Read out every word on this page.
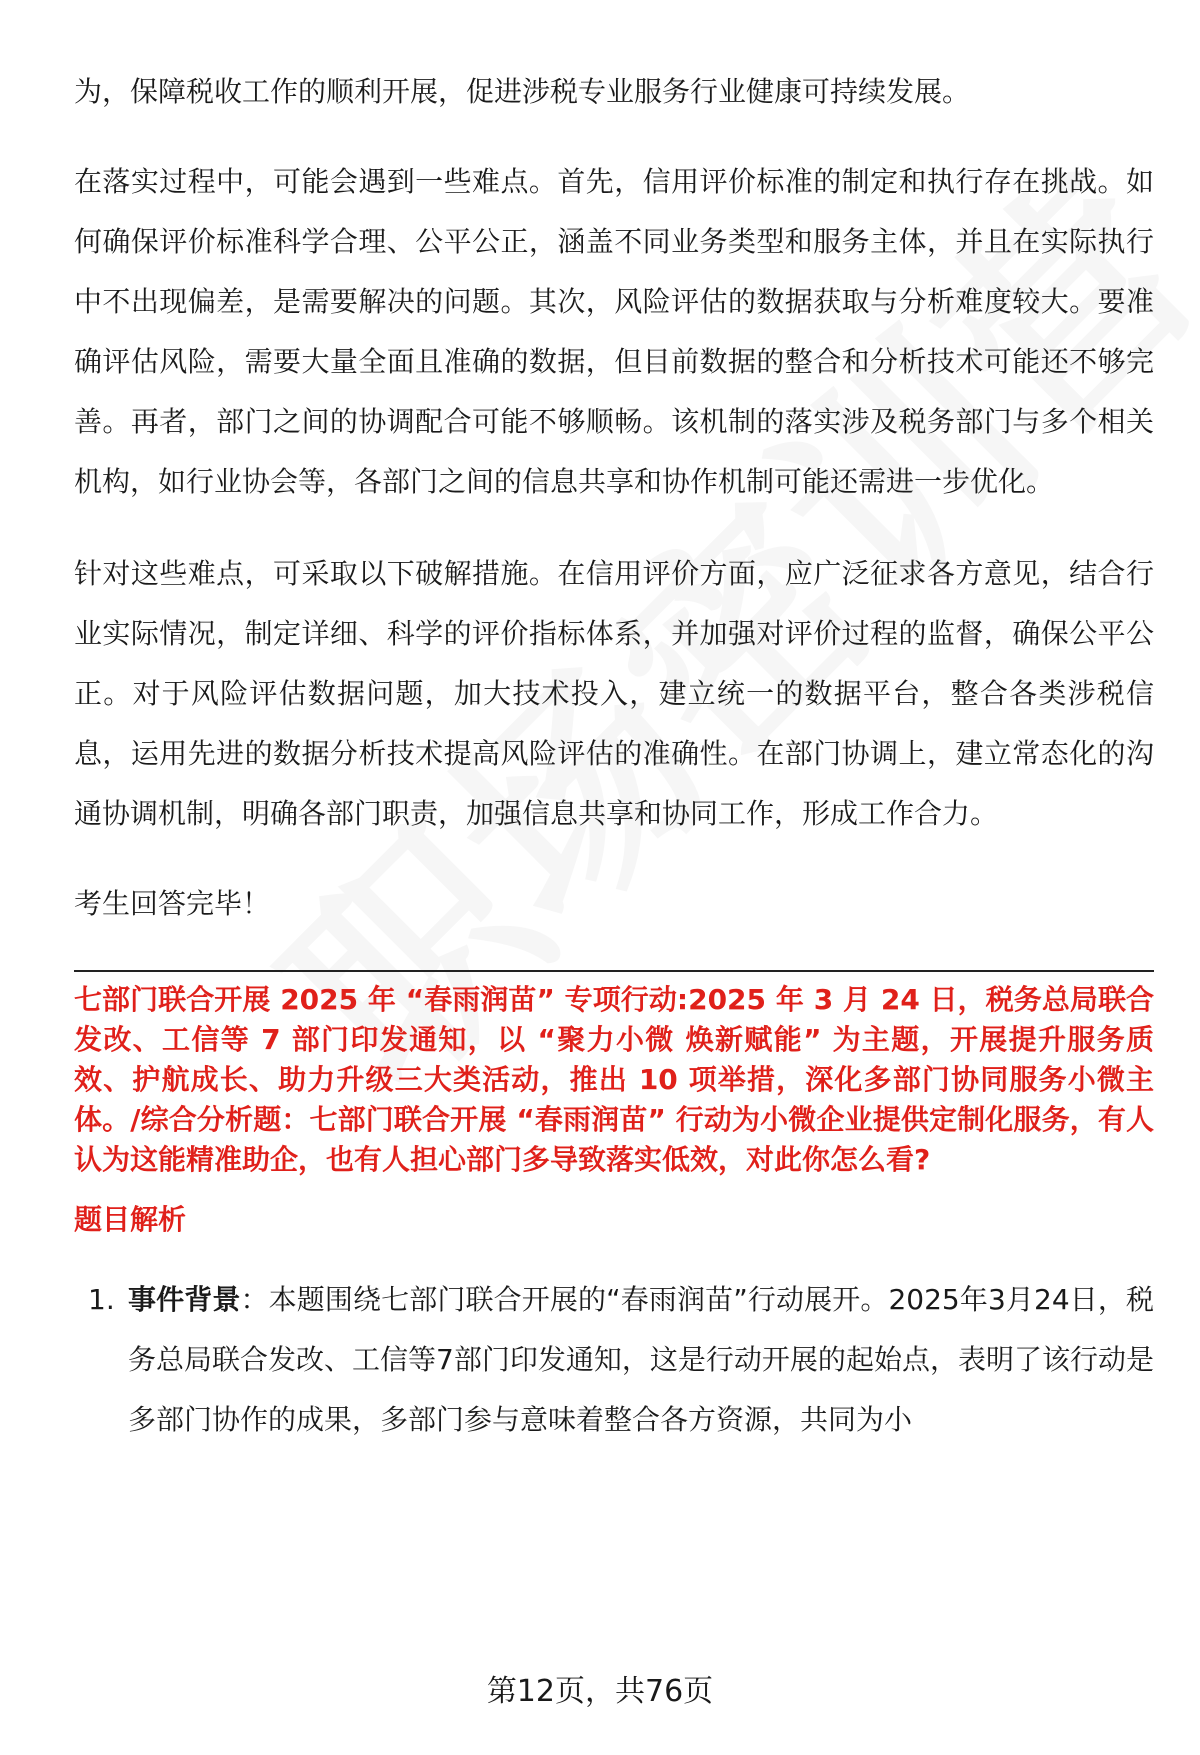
为，保障税收工作的顺利开展，促进涉税专业服务行业健康可持续发展。

在落实过程中，可能会遇到一些难点。首先，信用评价标准的制定和执行存在挑战。如何确保评价标准科学合理、公平公正，涵盖不同业务类型和服务主体，并且在实际执行中不出现偏差，是需要解决的问题。其次，风险评估的数据获取与分析难度较大。要准确评估风险，需要大量全面且准确的数据，但目前数据的整合和分析技术可能还不够完善。再者，部门之间的协调配合可能不够顺畅。该机制的落实涉及税务部门与多个相关机构，如行业协会等，各部门之间的信息共享和协作机制可能还需进一步优化。

针对这些难点，可采取以下破解措施。在信用评价方面，应广泛征求各方意见，结合行业实际情况，制定详细、科学的评价指标体系，并加强对评价过程的监督，确保公平公正。对于风险评估数据问题，加大技术投入，建立统一的数据平台，整合各类涉税信息，运用先进的数据分析技术提高风险评估的准确性。在部门协调上，建立常态化的沟通协调机制，明确各部门职责，加强信息共享和协同工作，形成工作合力。

考生回答完毕！

七部门联合开展 2025 年 “春雨润苗” 专项行动:2025 年 3 月 24 日，税务总局联合发改、工信等 7 部门印发通知，以 “聚力小微 焕新赋能” 为主题，开展提升服务质效、护航成长、助力升级三大类活动，推出 10 项举措，深化多部门协同服务小微主体。/综合分析题：七部门联合开展 “春雨润苗” 行动为小微企业提供定制化服务，有人认为这能精准助企，也有人担心部门多导致落实低效，对此你怎么看?
题目解析
1. 事件背景：本题围绕七部门联合开展的“春雨润苗”行动展开。2025年3月24日，税务总局联合发改、工信等7部门印发通知，这是行动开展的起始点，表明了该行动是多部门协作的成果，多部门参与意味着整合各方资源，共同为小
第12页，共76页
